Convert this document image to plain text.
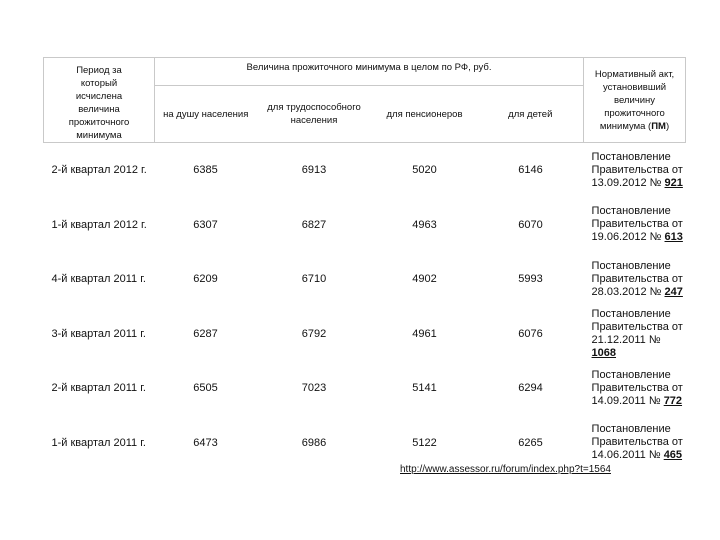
Период за который исчислена величина прожиточного минимума	Величина прожиточного минимума в целом по РФ, руб.				Нормативный акт, установивший величину прожиточного минимума (ПМ)

	на душу населения	для трудоспособного населения	для пенсионеров	для детей	
2-й квартал 2012 г.	6385	6913	5020	6146	Постановление
Правительства от
13.09.2012 № 921

1-й квартал 2012 г.	6307	6827	4963	6070	Постановление
Правительства от
19.06.2012 № 613

4-й квартал 2011 г.	6209	6710	4902	5993	Постановление
Правительства от
28.03.2012 № 247

3-й квартал 2011 г.	6287	6792	4961	6076	Постановление
Правительства от
21.12.2011 № 1068

2-й квартал 2011 г.	6505	7023	5141	6294	Постановление
Правительства от
14.09.2011 № 772

1-й квартал 2011 г.	6473	6986	5122	6265	Постановление
Правительства от
14.06.2011 № 465
http://www.assessor.ru/forum/index.php?t=1564
